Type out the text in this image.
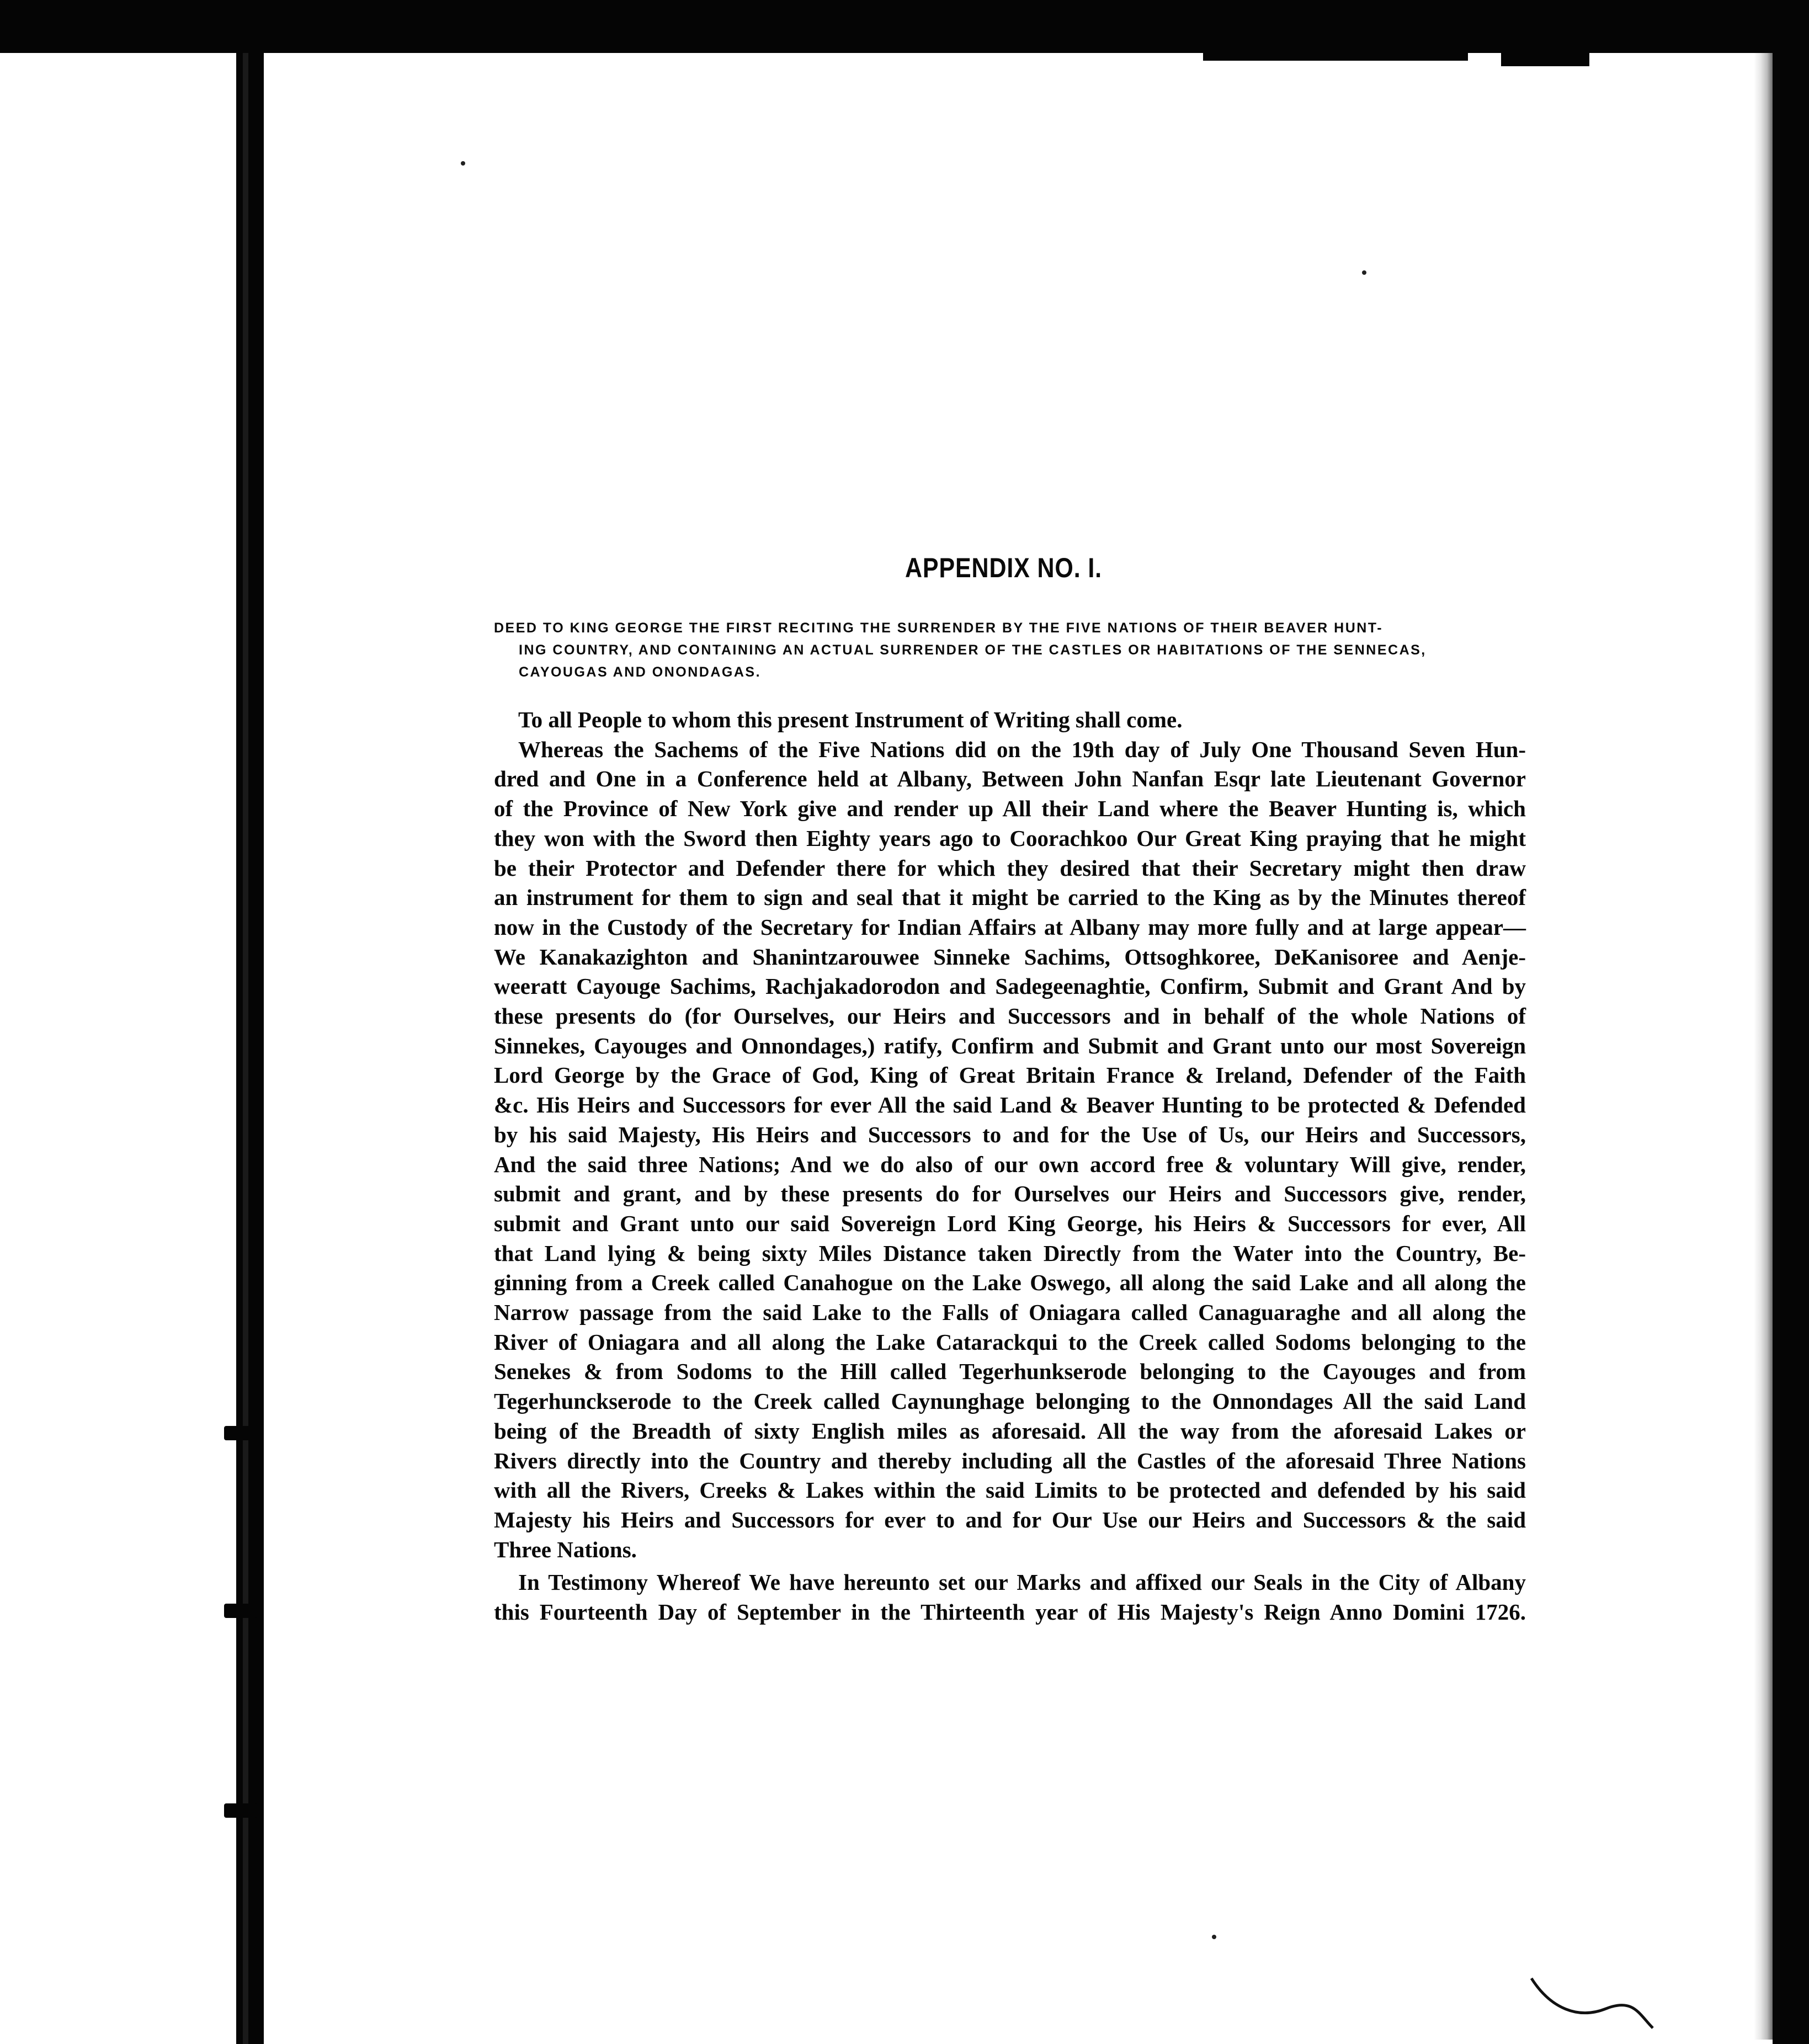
APPENDIX NO. I.
DEED TO KING GEORGE THE FIRST RECITING THE SURRENDER BY THE FIVE NATIONS OF THEIR BEAVER HUNT-
ING COUNTRY, AND CONTAINING AN ACTUAL SURRENDER OF THE CASTLES OR HABITATIONS OF THE SENNECAS,
CAYOUGAS AND ONONDAGAS.
To all People to whom this present Instrument of Writing shall come.
Whereas the Sachems of the Five Nations did on the 19th day of July One Thousand Seven Hun-
dred and One in a Conference held at Albany, Between John Nanfan Esqr late Lieutenant Governor
of the Province of New York give and render up All their Land where the Beaver Hunting is, which
they won with the Sword then Eighty years ago to Coorachkoo Our Great King praying that he might
be their Protector and Defender there for which they desired that their Secretary might then draw
an instrument for them to sign and seal that it might be carried to the King as by the Minutes thereof
now in the Custody of the Secretary for Indian Affairs at Albany may more fully and at large appear—
We Kanakazighton and Shanintzarouwee Sinneke Sachims, Ottsoghkoree, DeKanisoree and Aenje-
weeratt Cayouge Sachims, Rachjakadorodon and Sadegeenaghtie, Confirm, Submit and Grant And by
these presents do (for Ourselves, our Heirs and Successors and in behalf of the whole Nations of
Sinnekes, Cayouges and Onnondages,) ratify, Confirm and Submit and Grant unto our most Sovereign
Lord George by the Grace of God, King of Great Britain France & Ireland, Defender of the Faith
&c. His Heirs and Successors for ever All the said Land & Beaver Hunting to be protected & Defended
by his said Majesty, His Heirs and Successors to and for the Use of Us, our Heirs and Successors,
And the said three Nations; And we do also of our own accord free & voluntary Will give, render,
submit and grant, and by these presents do for Ourselves our Heirs and Successors give, render,
submit and Grant unto our said Sovereign Lord King George, his Heirs & Successors for ever, All
that Land lying & being sixty Miles Distance taken Directly from the Water into the Country, Be-
ginning from a Creek called Canahogue on the Lake Oswego, all along the said Lake and all along the
Narrow passage from the said Lake to the Falls of Oniagara called Canaguaraghe and all along the
River of Oniagara and all along the Lake Catarackqui to the Creek called Sodoms belonging to the
Senekes & from Sodoms to the Hill called Tegerhunkserode belonging to the Cayouges and from
Tegerhunckserode to the Creek called Caynunghage belonging to the Onnondages All the said Land
being of the Breadth of sixty English miles as aforesaid. All the way from the aforesaid Lakes or
Rivers directly into the Country and thereby including all the Castles of the aforesaid Three Nations
with all the Rivers, Creeks & Lakes within the said Limits to be protected and defended by his said
Majesty his Heirs and Successors for ever to and for Our Use our Heirs and Successors & the said
Three Nations.
In Testimony Whereof We have hereunto set our Marks and affixed our Seals in the City of Albany
this Fourteenth Day of September in the Thirteenth year of His Majesty's Reign Anno Domini 1726.
